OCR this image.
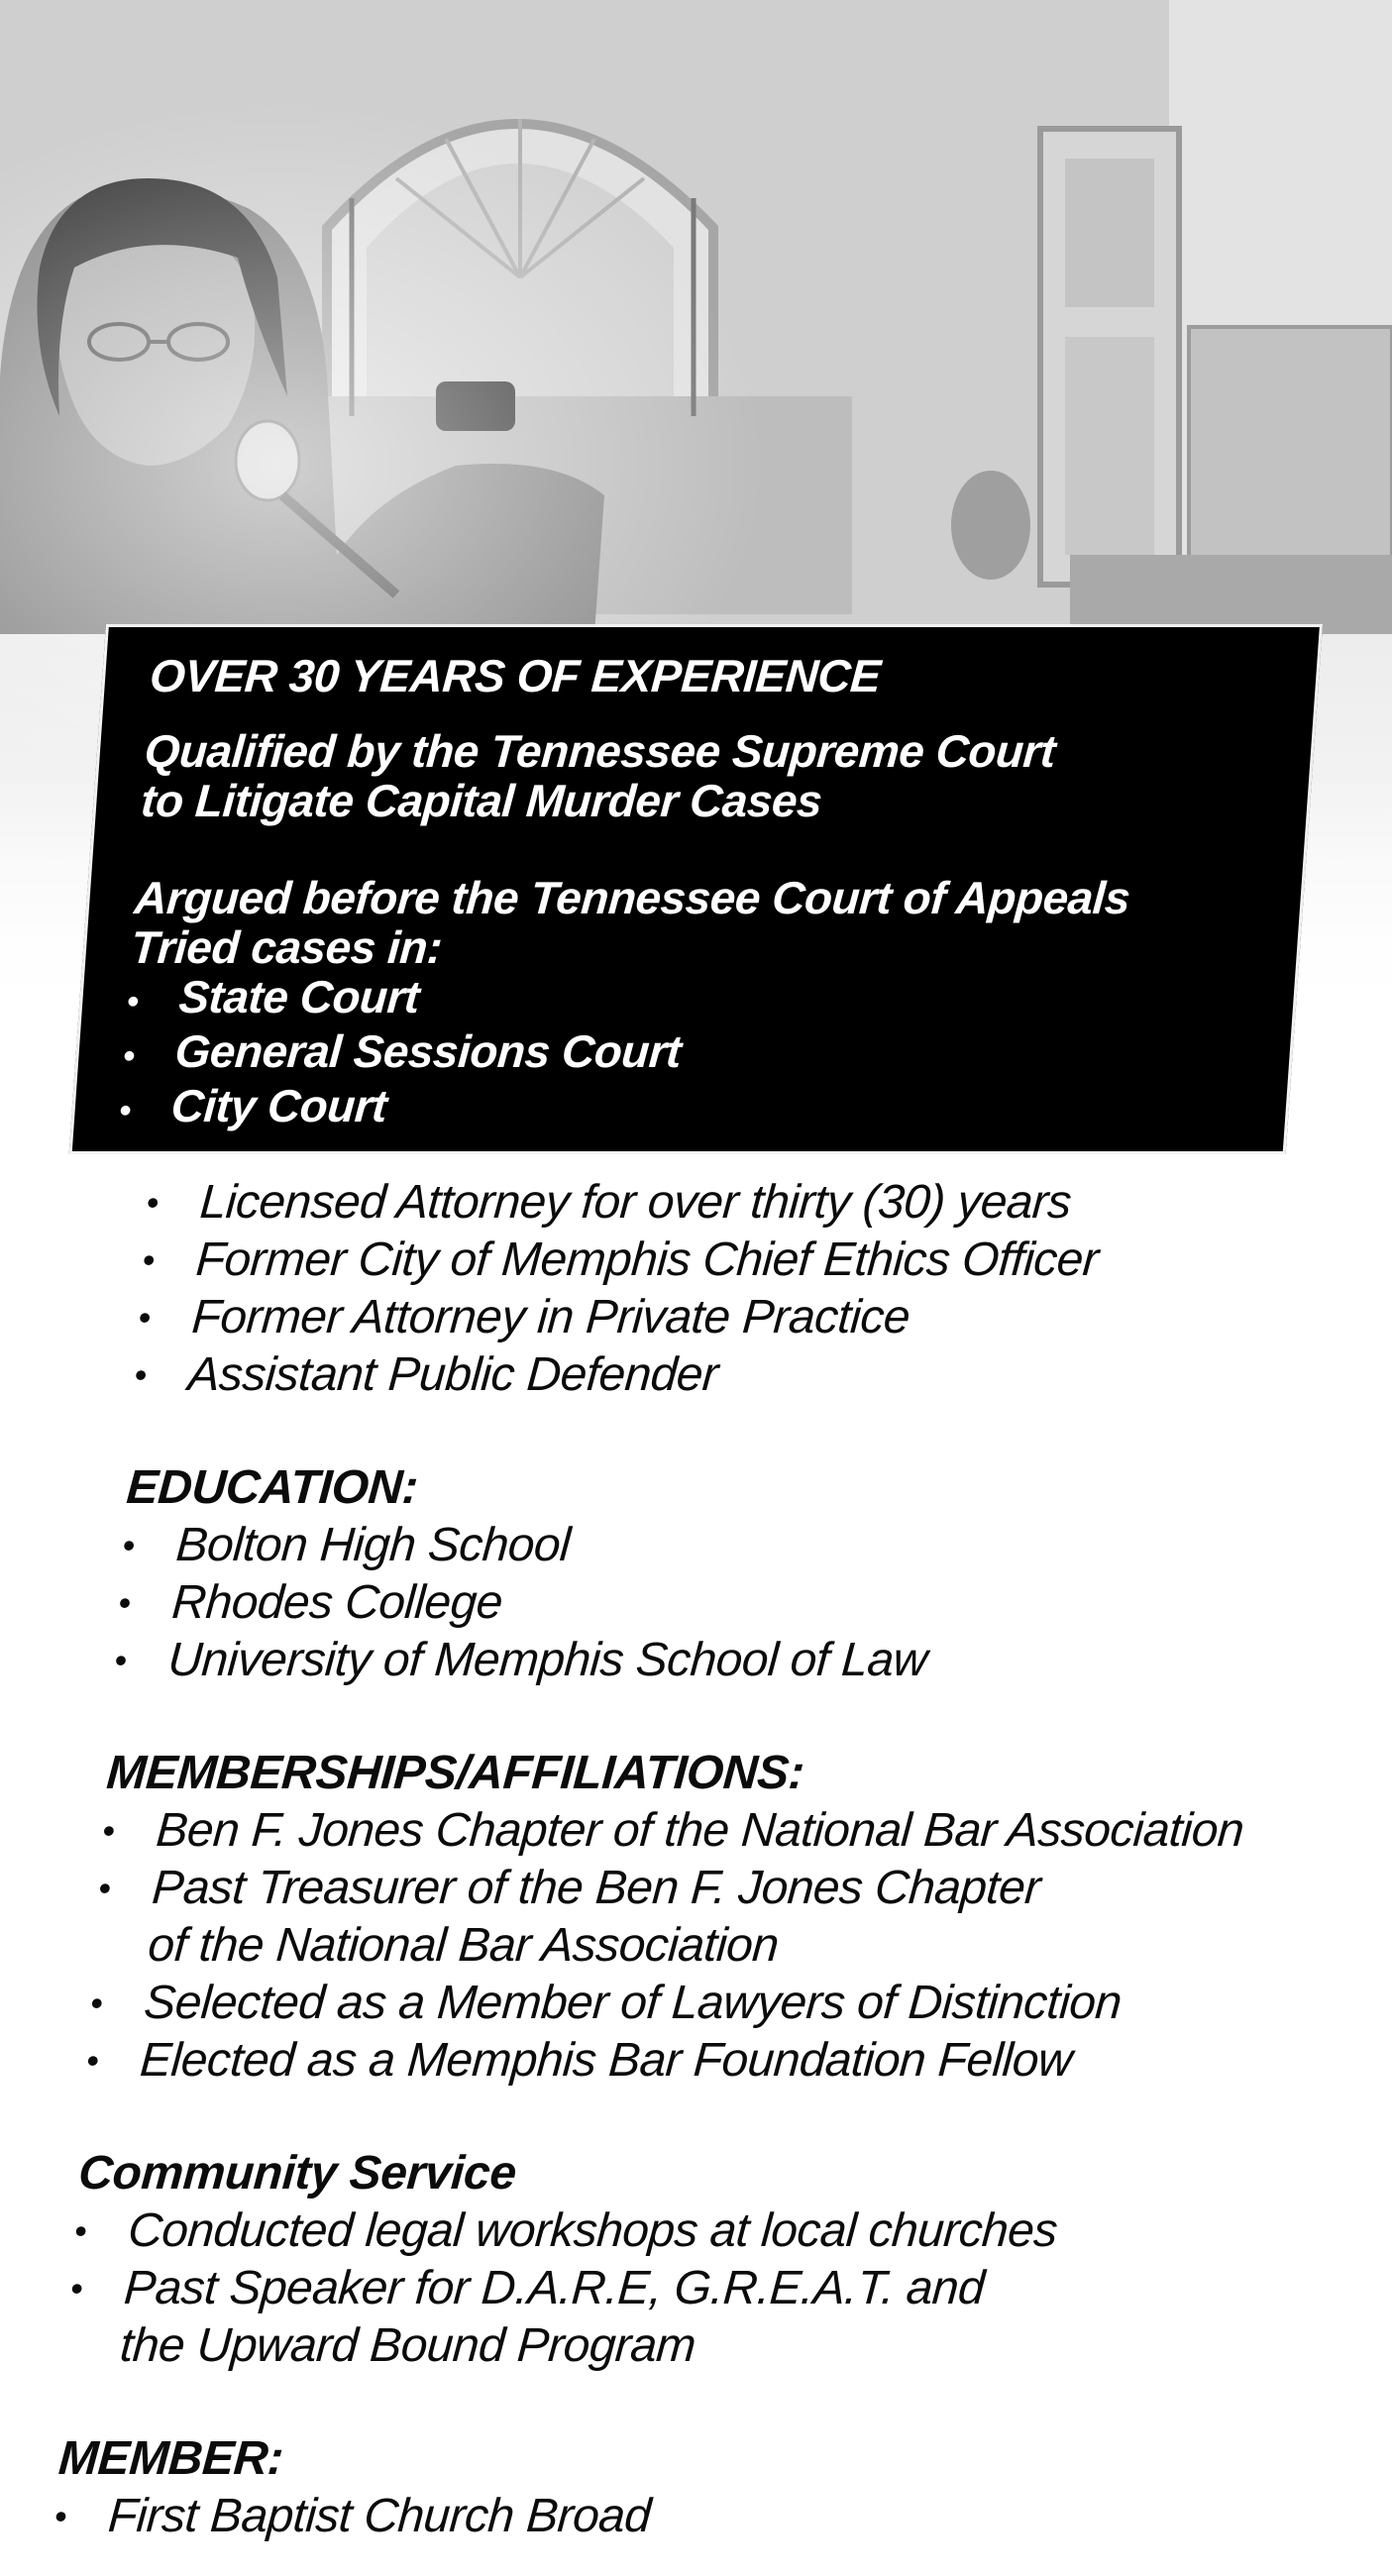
OVER 30 YEARS OF EXPERIENCE
Qualified by the Tennessee Supreme Court
to Litigate Capital Murder Cases
Argued before the Tennessee Court of Appeals
Tried cases in:
• State Court
• General Sessions Court
• City Court
• Licensed Attorney for over thirty (30) years
• Former City of Memphis Chief Ethics Officer
• Former Attorney in Private Practice
• Assistant Public Defender
EDUCATION:
• Bolton High School
• Rhodes College
• University of Memphis School of Law
MEMBERSHIPS/AFFILIATIONS:
• Ben F. Jones Chapter of the National Bar Association
• Past Treasurer of the Ben F. Jones Chapter
of the National Bar Association
• Selected as a Member of Lawyers of Distinction
• Elected as a Memphis Bar Foundation Fellow
Community Service
• Conducted legal workshops at local churches
• Past Speaker for D.A.R.E, G.R.E.A.T. and
the Upward Bound Program
MEMBER:
• First Baptist Church Broad
